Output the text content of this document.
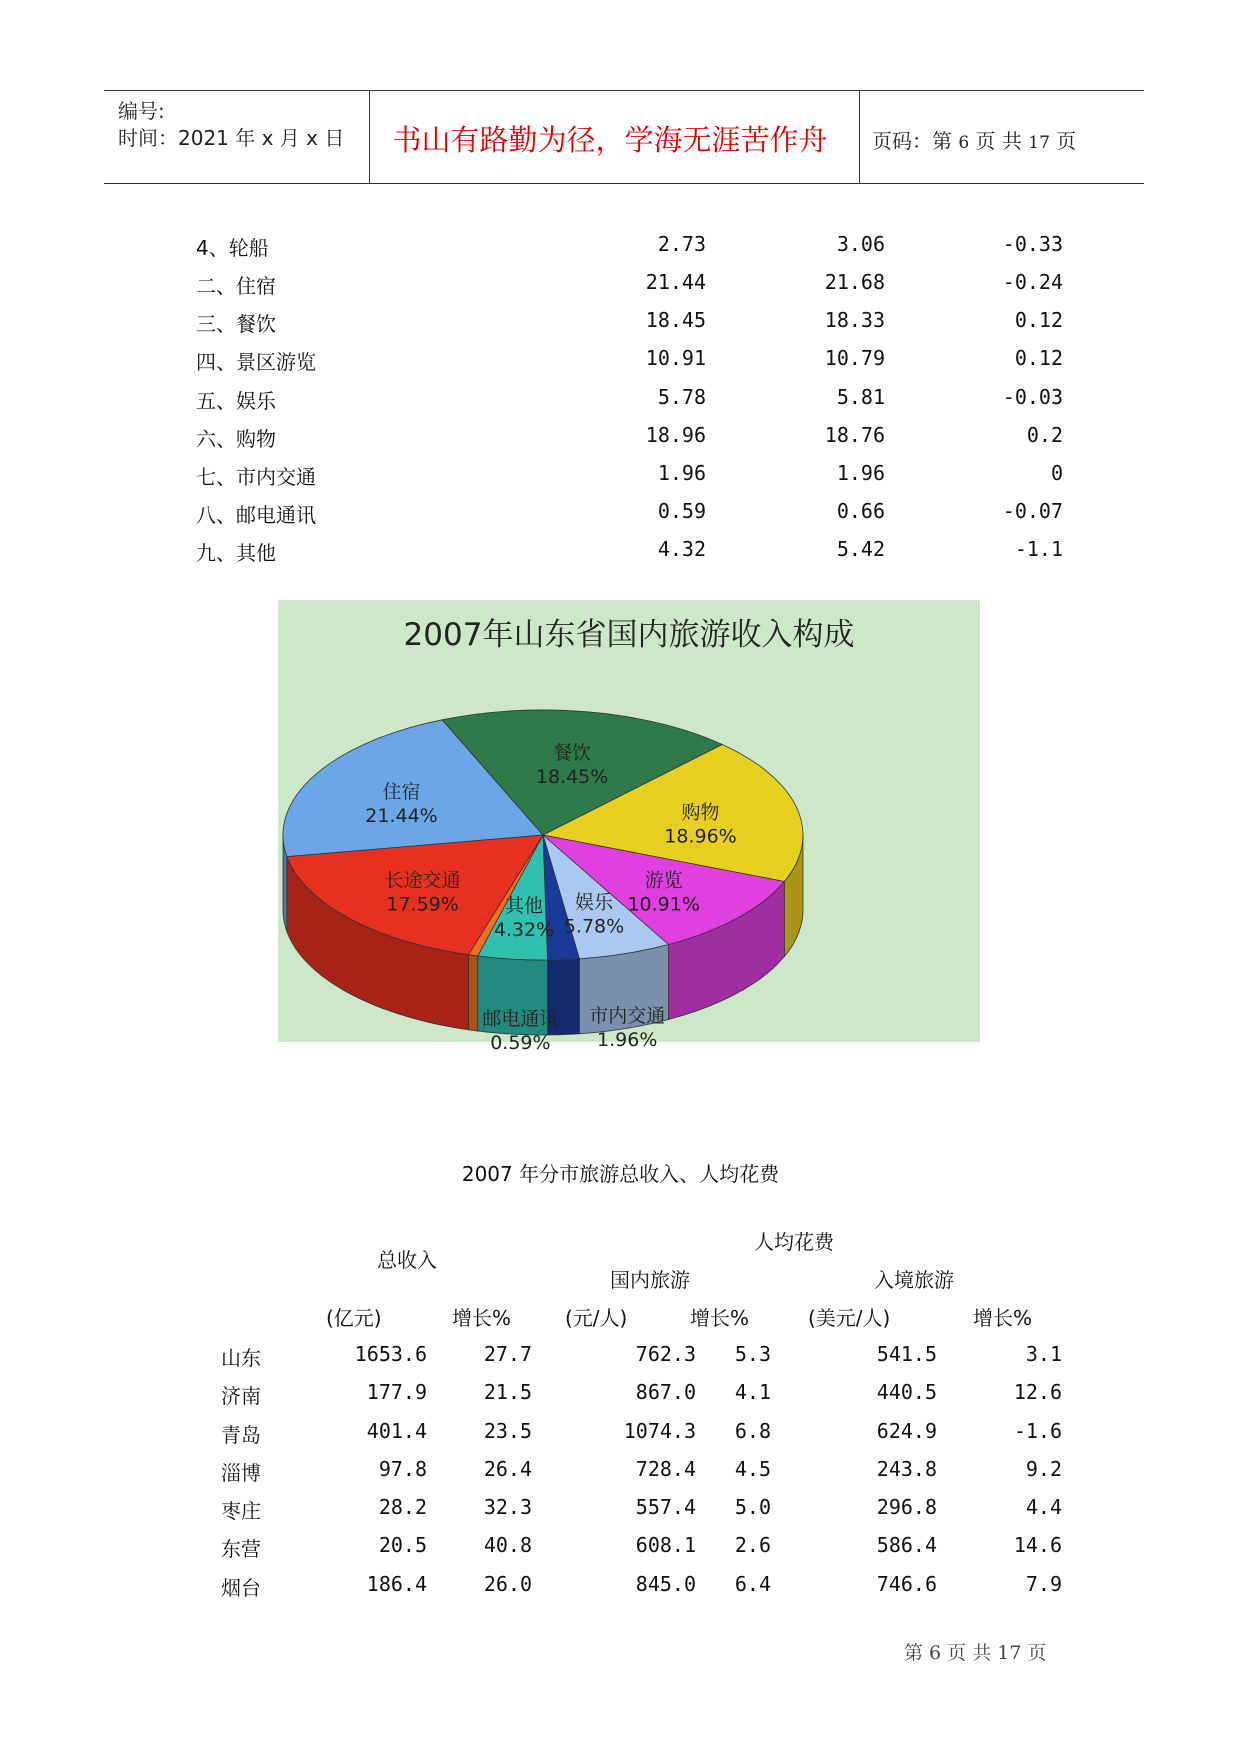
编号:
时间：2021 年 x 月 x 日	书山有路勤为径，学海无涯苦作舟	页码：第 6 页 共 17 页
4、轮船	2.73	3.06	-0.33
二、住宿	21.44	21.68	-0.24
三、餐饮	18.45	18.33	0.12
四、景区游览	10.91	10.79	0.12
五、娱乐	5.78	5.81	-0.03
六、购物	18.96	18.76	0.2
七、市内交通	1.96	1.96	0
八、邮电通讯	0.59	0.66	-0.07
九、其他	4.32	5.42	-1.1
2007年山东省国内旅游收入构成
住宿 21.44%
餐饮 18.45%
购物 18.96%
游览 10.91%
娱乐 5.78%
市内交通 1.96%
其他 4.32%
邮电通讯 0.59%
长途交通 17.59%
2007 年分市旅游总收入、人均花费
总收入
人均花费
国内旅游	入境旅游
(亿元)	增长%	(元/人)	增长%	(美元/人)	增长%
山东	1653.6	27.7	762.3 5.3	541.5	3.1
济南	177.9	21.5	867.0 4.1	440.5	12.6
青岛	401.4	23.5	1074.3 6.8	624.9	-1.6
淄博	97.8	26.4	728.4 4.5	243.8	9.2
枣庄	28.2	32.3	557.4 5.0	296.8	4.4
东营	20.5	40.8	608.1 2.6	586.4	14.6
烟台	186.4	26.0	845.0 6.4	746.6	7.9
第 6 页 共 17 页
